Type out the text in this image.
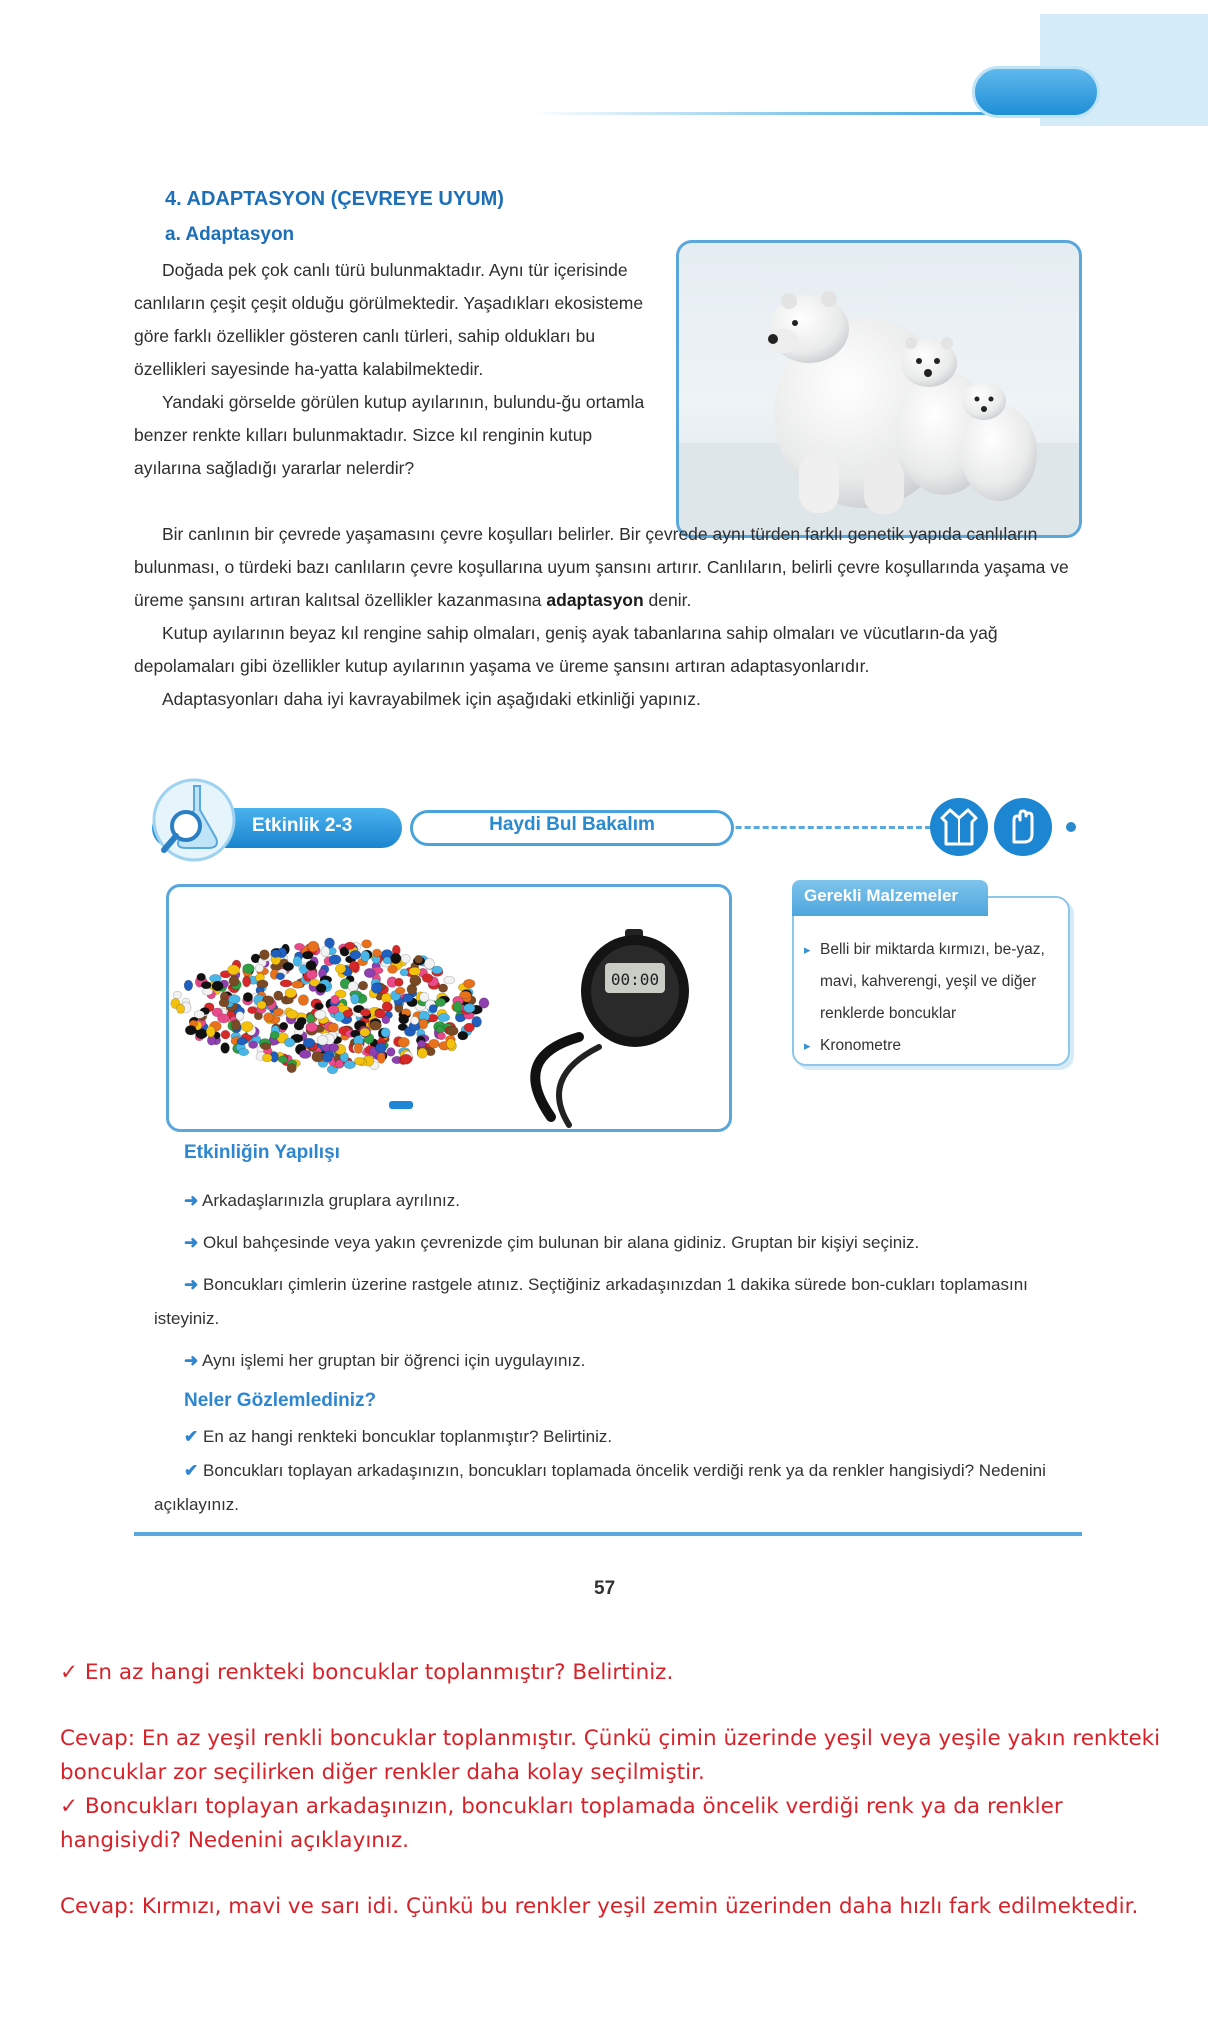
4. ADAPTASYON (ÇEVREYE UYUM)
a. Adaptasyon

Doğada pek çok canlı türü bulunmaktadır. Aynı tür içerisinde canlıların çeşit çeşit olduğu görülmektedir. Yaşadıkları ekosisteme göre farklı özellikler gösteren canlı türleri, sahip oldukları bu özellikleri sayesinde ha-yatta kalabilmektedir.

Yandaki görselde görülen kutup ayılarının, bulundu-ğu ortamla benzer renkte kılları bulunmaktadır. Sizce kıl renginin kutup ayılarına sağladığı yararlar nelerdir?

Bir canlının bir çevrede yaşamasını çevre koşulları belirler. Bir çevrede aynı türden farklı genetik yapıda canlıların bulunması, o türdeki bazı canlıların çevre koşullarına uyum şansını artırır. Canlıların, belirli çevre koşullarında yaşama ve üreme şansını artıran kalıtsal özellikler kazanmasına adaptasyon denir.

Kutup ayılarının beyaz kıl rengine sahip olmaları, geniş ayak tabanlarına sahip olmaları ve vücutların-da yağ depolamaları gibi özellikler kutup ayılarının yaşama ve üreme şansını artıran adaptasyonlarıdır.

Adaptasyonları daha iyi kavrayabilmek için aşağıdaki etkinliği yapınız.

Etkinlik 2-3	Haydi Bul Bakalım
00:00
Gerekli Malzemeler
▸ Belli bir miktarda kırmızı, be-yaz, mavi, kahverengi, yeşil ve diğer renklerde boncuklar
▸ Kronometre
Etkinliğin Yapılışı
➜ Arkadaşlarınızla gruplara ayrılınız.
➜ Okul bahçesinde veya yakın çevrenizde çim bulunan bir alana gidiniz. Gruptan bir kişiyi seçiniz.
➜ Boncukları çimlerin üzerine rastgele atınız. Seçtiğiniz arkadaşınızdan 1 dakika sürede bon-cukları toplamasını isteyiniz.
➜ Aynı işlemi her gruptan bir öğrenci için uygulayınız.
Neler Gözlemlediniz?
✔ En az hangi renkteki boncuklar toplanmıştır? Belirtiniz.
✔ Boncukları toplayan arkadaşınızın, boncukları toplamada öncelik verdiği renk ya da renkler hangisiydi? Nedenini açıklayınız.
57
✓ En az hangi renkteki boncuklar toplanmıştır? Belirtiniz.
Cevap: En az yeşil renkli boncuklar toplanmıştır. Çünkü çimin üzerinde yeşil veya yeşile yakın renkteki boncuklar zor seçilirken diğer renkler daha kolay seçilmiştir.
✓ Boncukları toplayan arkadaşınızın, boncukları toplamada öncelik verdiği renk ya da renkler hangisiydi? Nedenini açıklayınız.
Cevap: Kırmızı, mavi ve sarı idi. Çünkü bu renkler yeşil zemin üzerinden daha hızlı fark edilmektedir.
